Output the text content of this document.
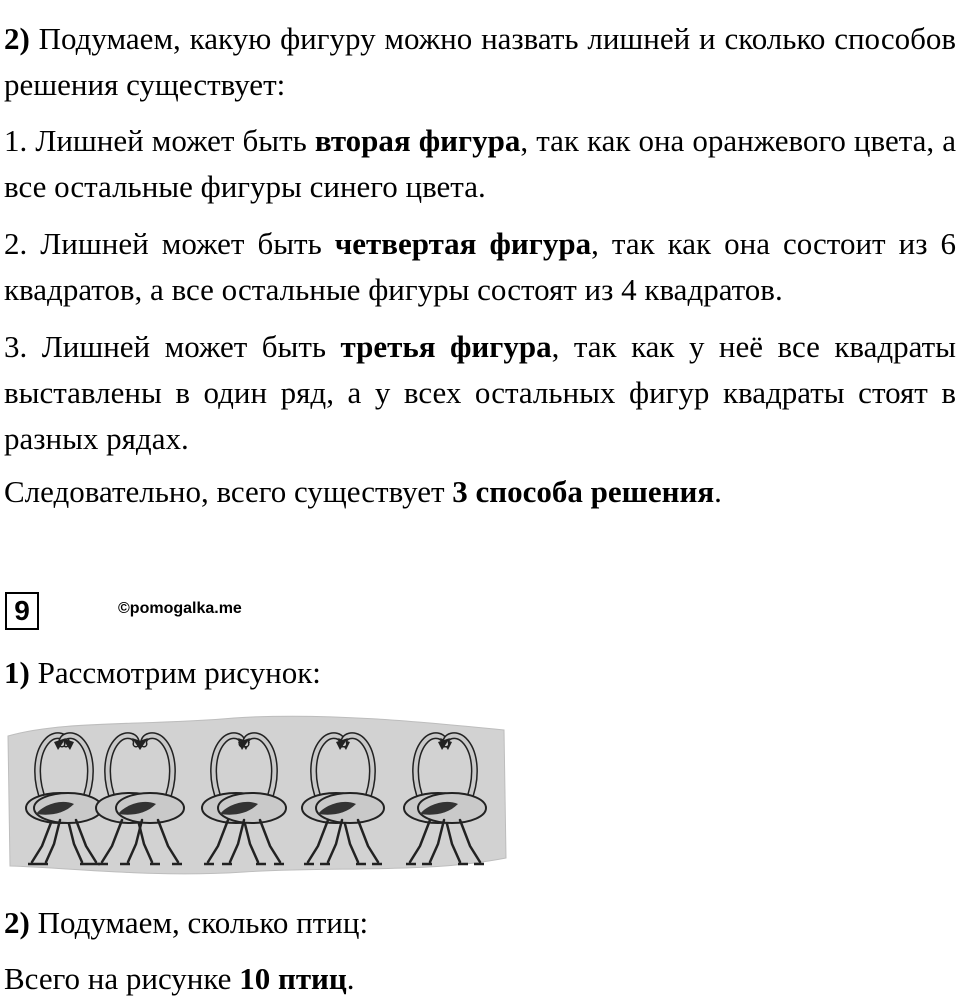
2) Подумаем, какую фигуру можно назвать лишней и сколько способов решения существует:

1. Лишней может быть вторая фигура, так как она оранжевого цвета, а все остальные фигуры синего цвета.

2. Лишней может быть четвертая фигура, так как она состоит из 6 квадратов, а все остальные фигуры состоят из 4 квадратов.

3. Лишней может быть третья фигура, так как у неё все квадраты выставлены в один ряд, а у всех остальных фигур квадраты стоят в разных рядах.

Следовательно, всего существует 3 способа решения.

9	©pomogalka.me

1) Рассмотрим рисунок:

2) Подумаем, сколько птиц:

Всего на рисунке 10 птиц.
